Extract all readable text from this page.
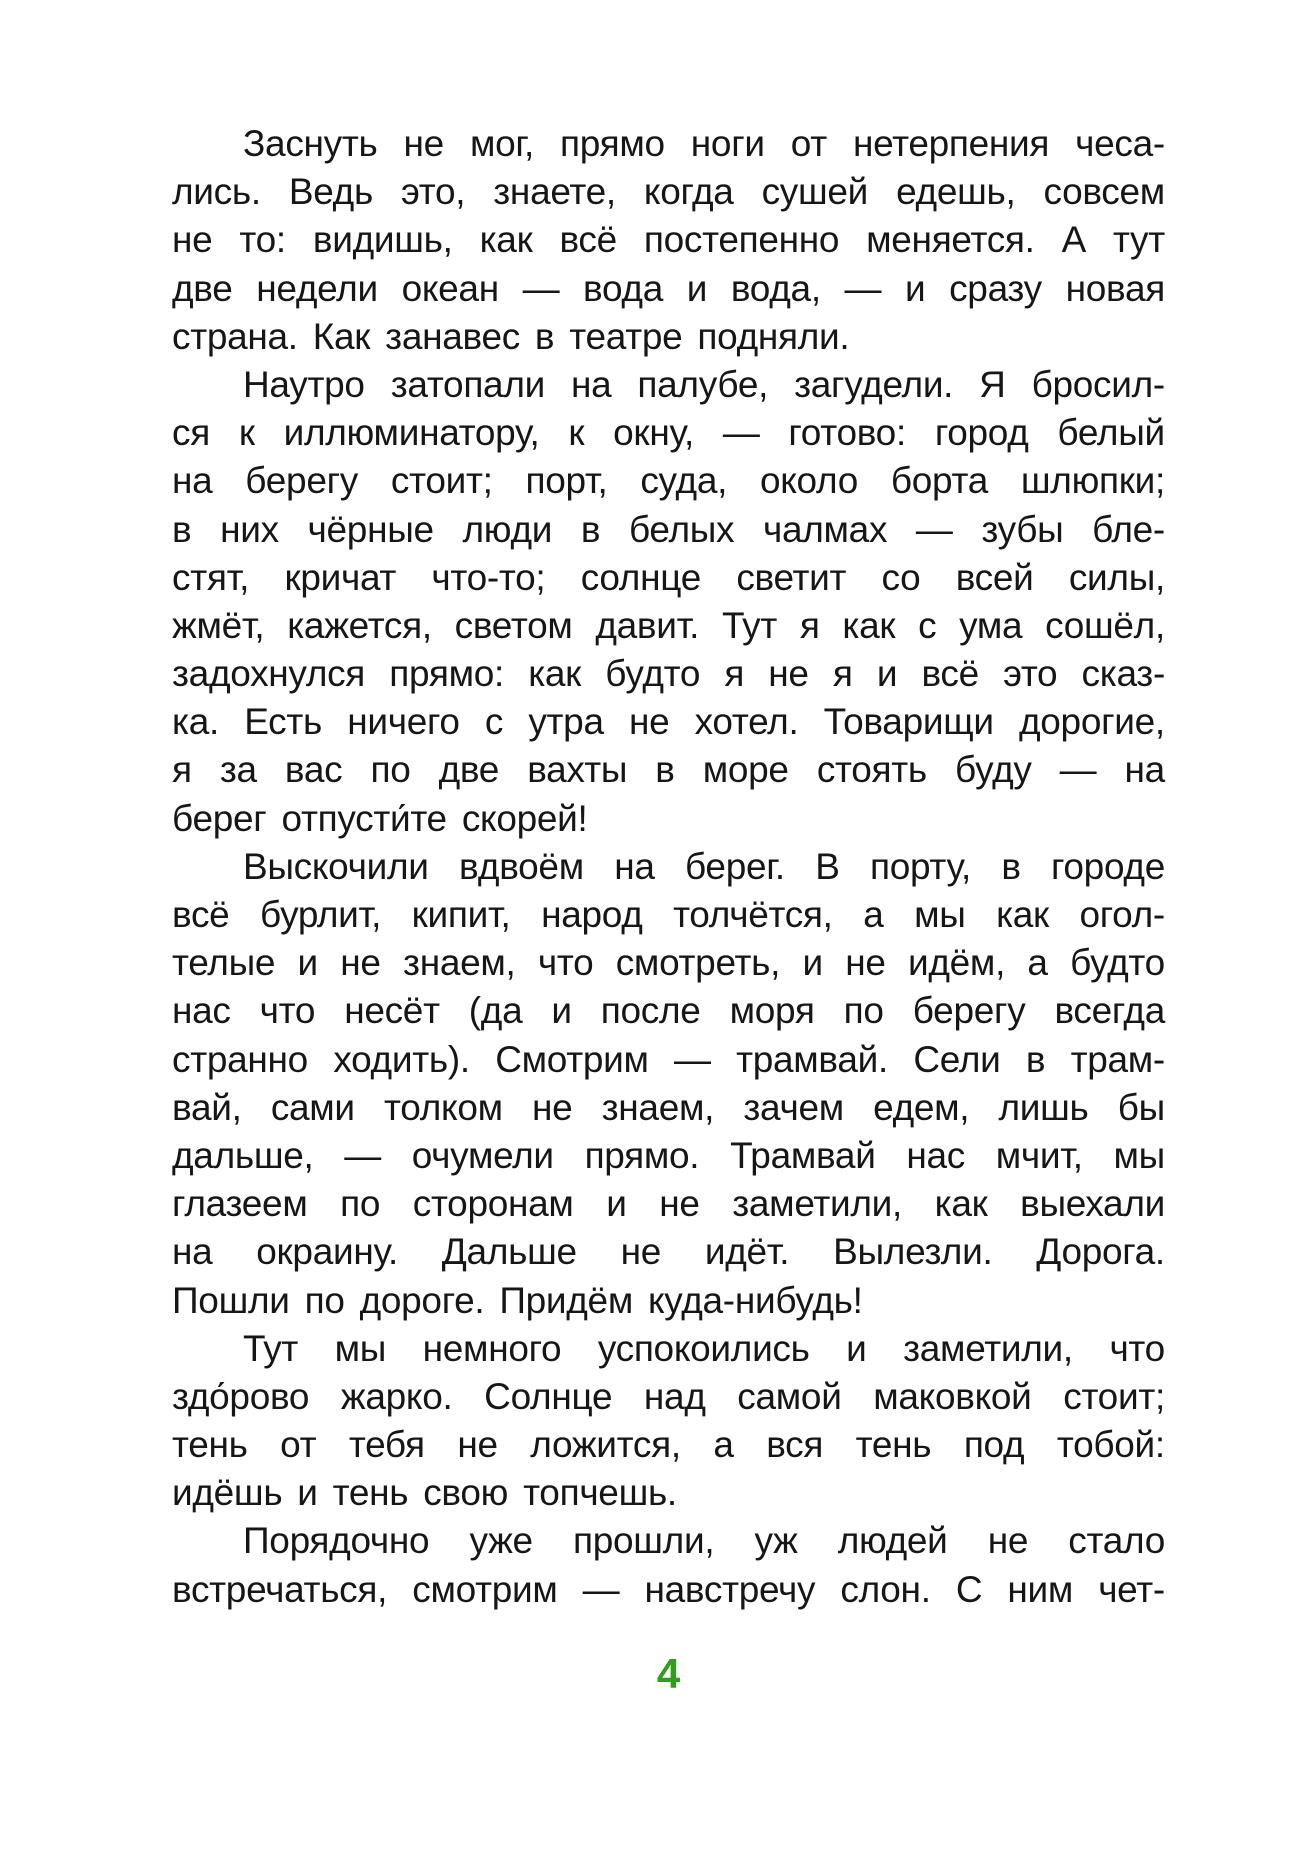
Заснуть не мог, прямо ноги от нетерпения чеса-
лись. Ведь это, знаете, когда сушей едешь, совсем
не то: видишь, как всё постепенно меняется. А тут
две недели океан — вода и вода, — и сразу новая
страна. Как занавес в театре подняли.
Наутро затопали на палубе, загудели. Я бросил-
ся к иллюминатору, к окну, — готово: город белый
на берегу стоит; порт, суда, около борта шлюпки;
в них чёрные люди в белых чалмах — зубы бле-
стят, кричат что-то; солнце светит со всей силы,
жмёт, кажется, светом давит. Тут я как с ума сошёл,
задохнулся прямо: как будто я не я и всё это сказ-
ка. Есть ничего с утра не хотел. Товарищи дорогие,
я за вас по две вахты в море стоять буду — на
берег отпусти́те скорей!
Выскочили вдвоём на берег. В порту, в городе
всё бурлит, кипит, народ толчётся, а мы как огол-
телые и не знаем, что смотреть, и не идём, а будто
нас что несёт (да и после моря по берегу всегда
странно ходить). Смотрим — трамвай. Сели в трам-
вай, сами толком не знаем, зачем едем, лишь бы
дальше, — очумели прямо. Трамвай нас мчит, мы
глазеем по сторонам и не заметили, как выехали
на окраину. Дальше не идёт. Вылезли. Дорога.
Пошли по дороге. Придём куда-нибудь!
Тут мы немного успокоились и заметили, что
здо́рово жарко. Солнце над самой маковкой стоит;
тень от тебя не ложится, а вся тень под тобой:
идёшь и тень свою топчешь.
Порядочно уже прошли, уж людей не стало
встречаться, смотрим — навстречу слон. С ним чет-
4
